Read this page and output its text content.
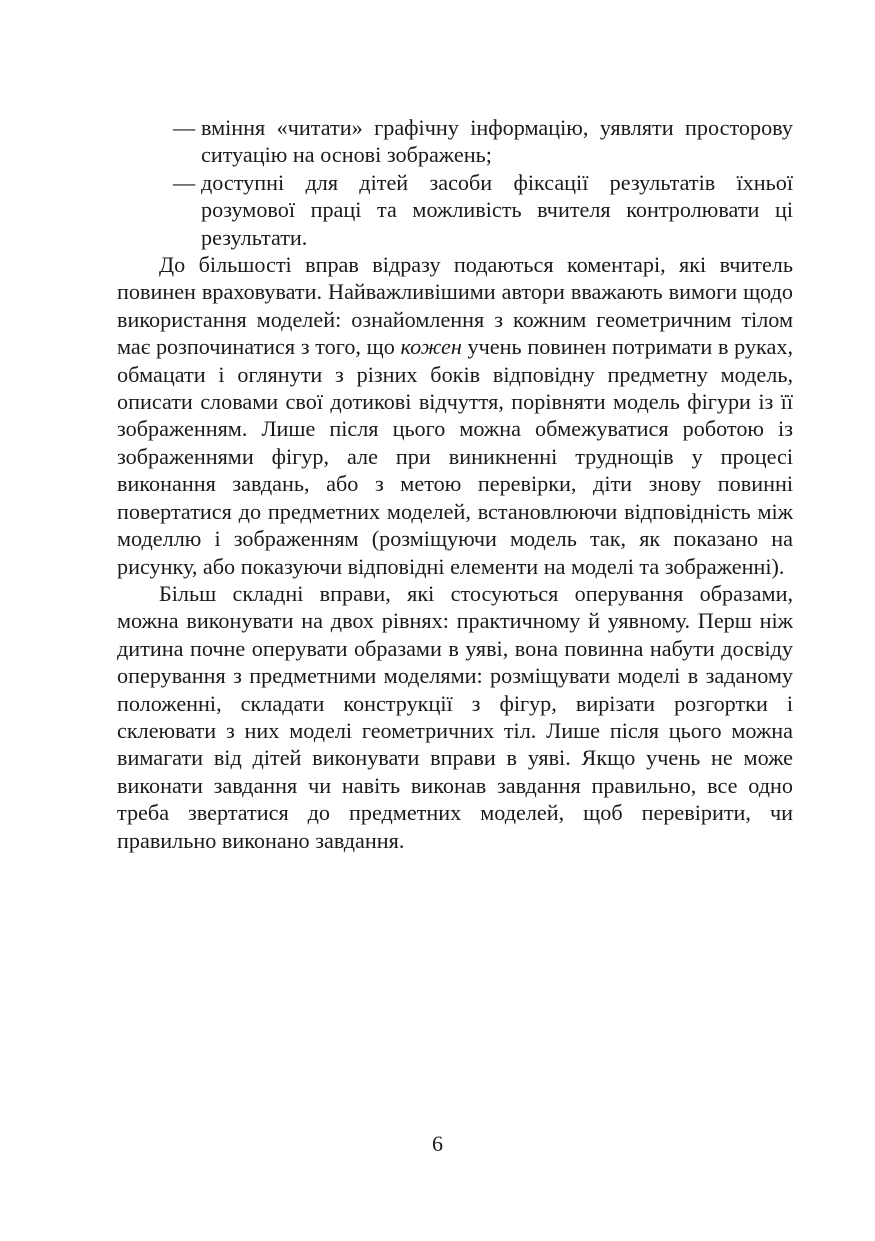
— вміння «читати» графічну інформацію, уявляти просторову ситуацію на основі зображень;

— доступні для дітей засоби фіксації результатів їхньої розумової праці та можливість вчителя контролювати ці результати.

До більшості вправ відразу подаються коментарі, які вчитель повинен враховувати. Найважливішими автори вважають вимоги щодо використання моделей: ознайомлення з кожним геометричним тілом має розпочинатися з того, що кожен учень повинен потримати в руках, обмацати і оглянути з різних боків відповідну предметну модель, описати словами свої дотикові відчуття, порівняти модель фігури із її зображенням. Лише після цього можна обмежуватися роботою із зображеннями фігур, але при виникненні труднощів у процесі виконання завдань, або з метою перевірки, діти знову повинні повертатися до предметних моделей, встановлюючи відповідність між моделлю і зображенням (розміщуючи модель так, як показано на рисунку, або показуючи відповідні елементи на моделі та зображенні).

Більш складні вправи, які стосуються оперування образами, можна виконувати на двох рівнях: практичному й уявному. Перш ніж дитина почне оперувати образами в уяві, вона повинна набути досвіду оперування з предметними моделями: розміщувати моделі в заданому положенні, складати конструкції з фігур, вирізати розгортки і склеювати з них моделі геометричних тіл. Лише після цього можна вимагати від дітей виконувати вправи в уяві. Якщо учень не може виконати завдання чи навіть виконав завдання правильно, все одно треба звертатися до предметних моделей, щоб перевірити, чи правильно виконано завдання.

6
